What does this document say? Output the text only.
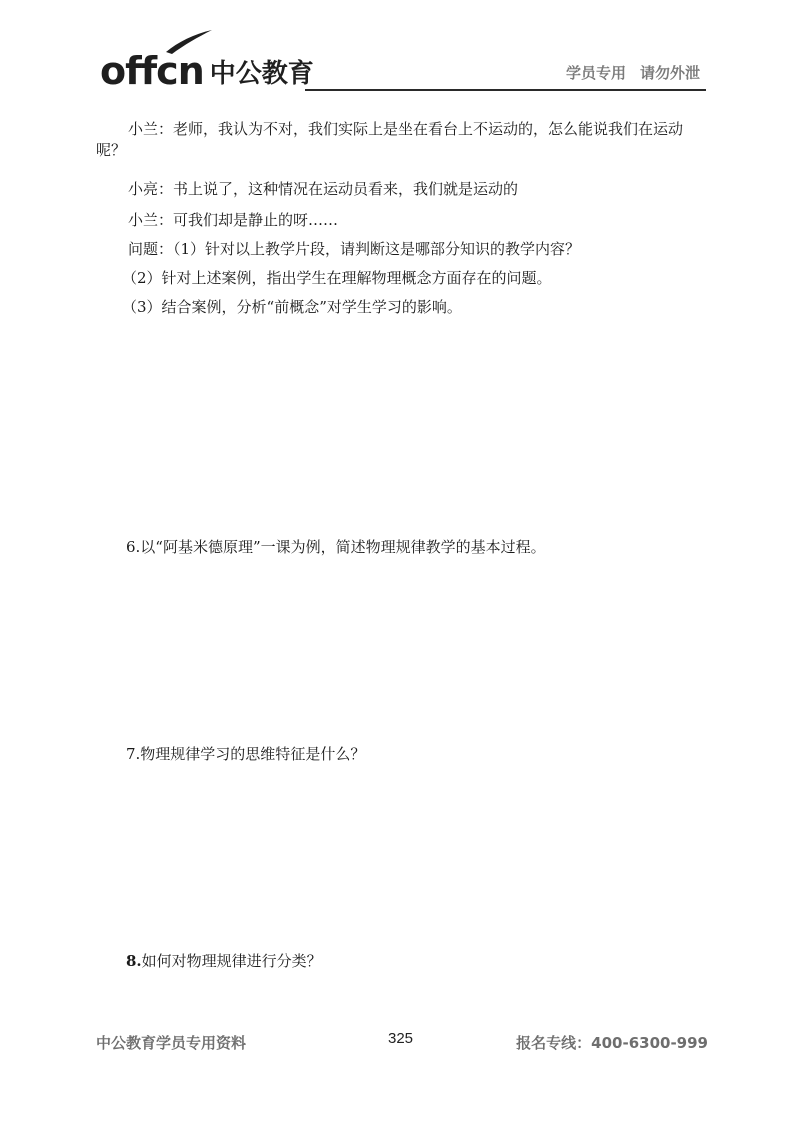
offcn 中公教育	学员专用 请勿外泄
小兰：老师，我认为不对，我们实际上是坐在看台上不运动的，怎么能说我们在运动呢？
小亮：书上说了，这种情况在运动员看来，我们就是运动的
小兰：可我们却是静止的呀……
问题：（1）针对以上教学片段，请判断这是哪部分知识的教学内容？
（2）针对上述案例，指出学生在理解物理概念方面存在的问题。
（3）结合案例，分析“前概念”对学生学习的影响。
6.以“阿基米德原理”一课为例，简述物理规律教学的基本过程。
7.物理规律学习的思维特征是什么？
8.如何对物理规律进行分类？
中公教育学员专用资料	325	报名专线：400-6300-999
